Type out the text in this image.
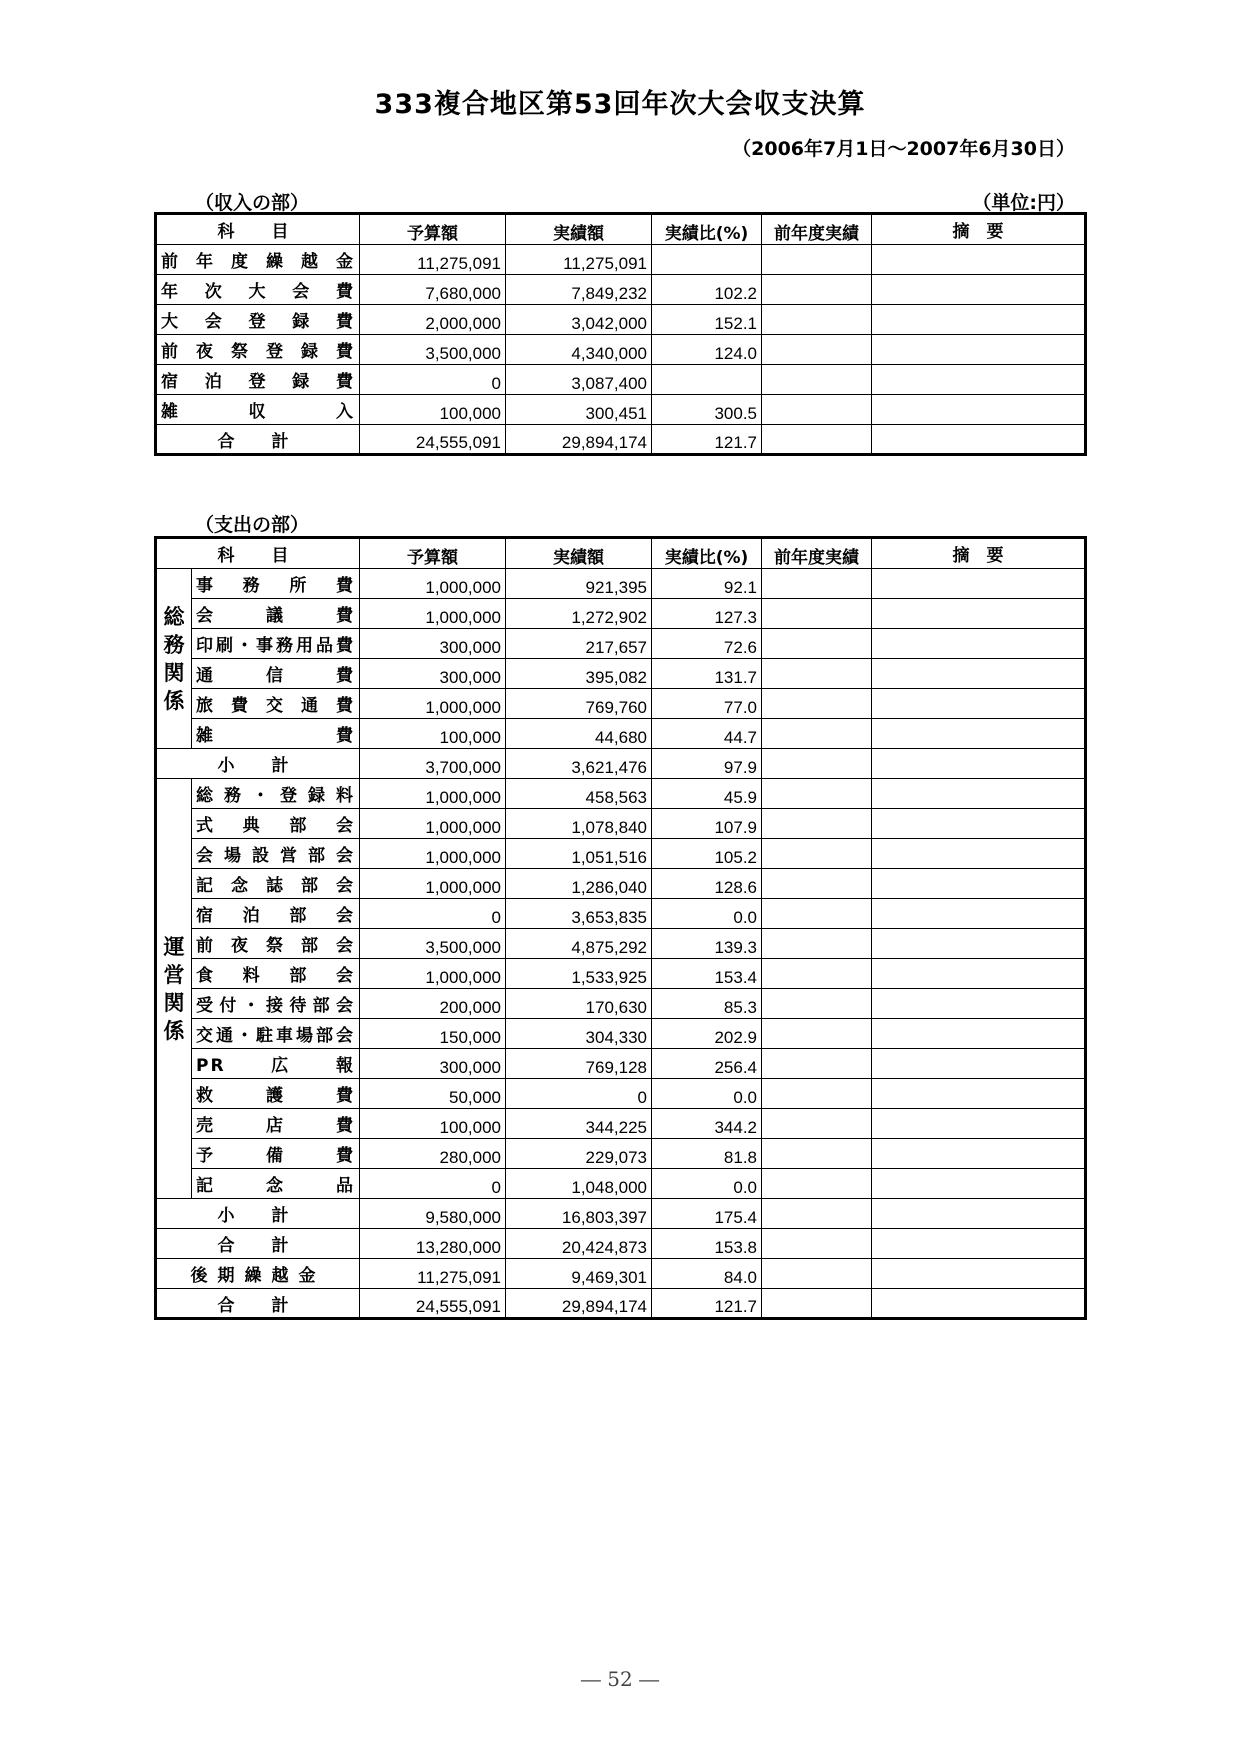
333複合地区第53回年次大会収支決算
（2006年7月1日～2007年6月30日）
（収入の部）	（単位:円）
科　目	予算額	実績額	実績比(%)	前年度実績	摘　要
前年度繰越金	11,275,091	11,275,091			
年次大会費	7,680,000	7,849,232	102.2		
大会登録費	2,000,000	3,042,000	152.1		
前夜祭登録費	3,500,000	4,340,000	124.0		
宿泊登録費	0	3,087,400			
雑収入	100,000	300,451	300.5		
合　計	24,555,091	29,894,174	121.7		
（支出の部）
科　目		予算額	実績額	実績比(%)	前年度実績	摘　要

総
務
関
係	事務所費	1,000,000	921,395	92.1		
	会議費	1,000,000	1,272,902	127.3		
	印刷・事務用品費	300,000	217,657	72.6		
	通信費	300,000	395,082	131.7		
	旅費交通費	1,000,000	769,760	77.0		
	雑費	100,000	44,680	44.7		
小　計		3,700,000	3,621,476	97.9		

運
営
関
係	総務・登録料	1,000,000	458,563	45.9		
	式典部会	1,000,000	1,078,840	107.9		
	会場設営部会	1,000,000	1,051,516	105.2		
	記念誌部会	1,000,000	1,286,040	128.6		
	宿泊部会	0	3,653,835	0.0		
	前夜祭部会	3,500,000	4,875,292	139.3		
	食料部会	1,000,000	1,533,925	153.4		
	受付・接待部会	200,000	170,630	85.3		
	交通・駐車場部会	150,000	304,330	202.9		
	PR広報	300,000	769,128	256.4		
	救護費	50,000	0	0.0		
	売店費	100,000	344,225	344.2		
	予備費	280,000	229,073	81.8		
	記念品	0	1,048,000	0.0		
小　計		9,580,000	16,803,397	175.4		
合　計		13,280,000	20,424,873	153.8		
後期繰越金		11,275,091	9,469,301	84.0		
合　計		24,555,091	29,894,174	121.7		
― 52 ―
